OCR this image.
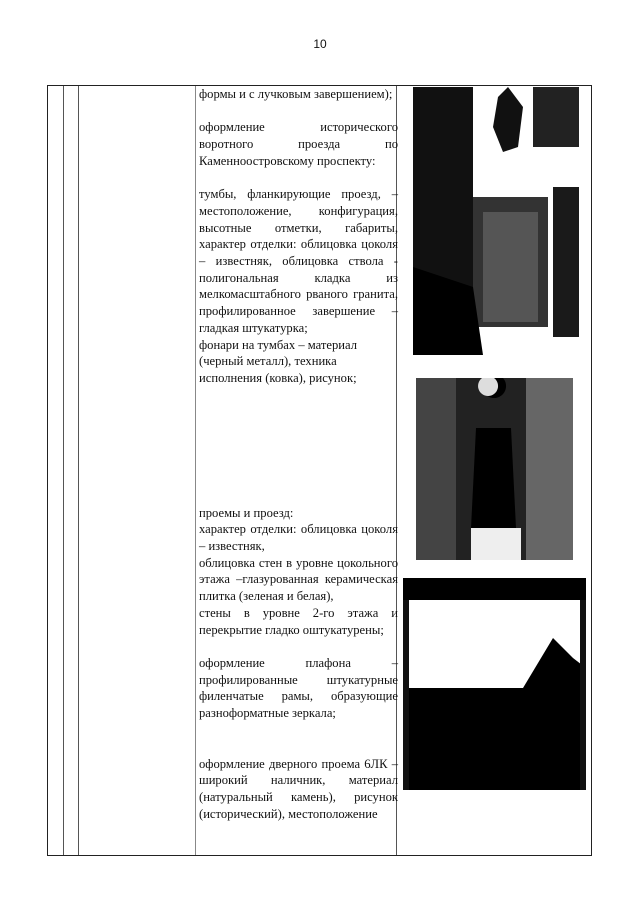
10

формы и с лучковым завершением);

оформление исторического воротного проезда по Каменноостровскому проспекту:

тумбы, фланкирующие проезд, – местоположение, конфигурация, высотные отметки, габариты, характер отделки: облицовка цоколя – известняк, облицовка ствола - полигональная кладка из мелкомасштабного рваного гранита, профилированное завершение – гладкая штукатурка;

фонари на тумбах – материал (черный металл), техника исполнения (ковка), рисунок;

проемы и проезд:

характер отделки: облицовка цоколя – известняк,

облицовка стен в уровне цокольного этажа –глазурованная керамическая плитка (зеленая и белая),

стены в уровне 2-го этажа и перекрытие гладко оштукатурены;

оформление плафона – профилированные штукатурные филенчатые рамы, образующие разноформатные зеркала;

оформление дверного проема 6ЛК – широкий наличник, материал (натуральный камень), рисунок (исторический), местоположение
